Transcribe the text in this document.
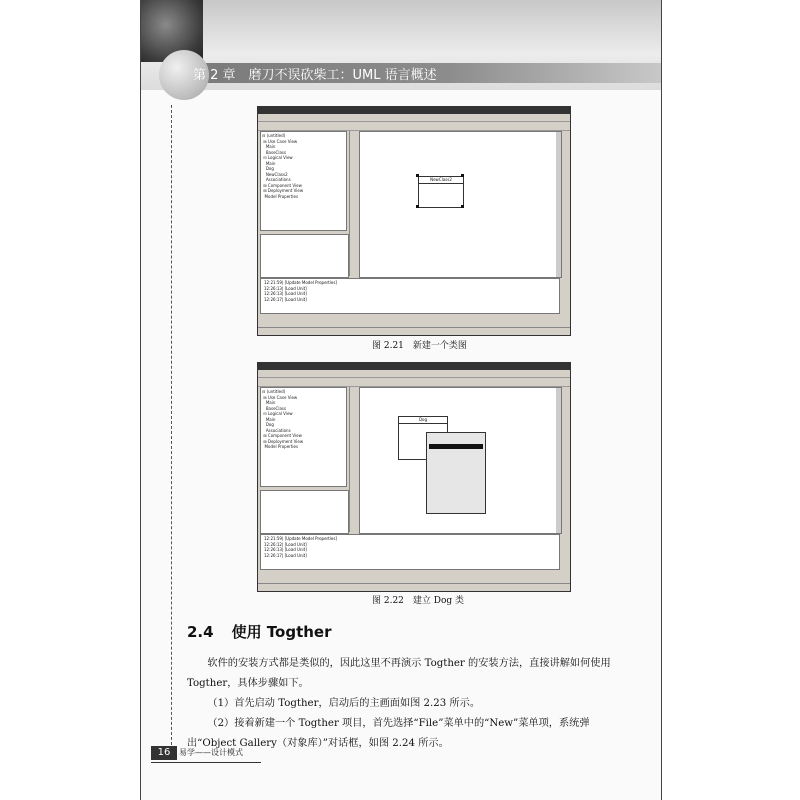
第 2 章　磨刀不误砍柴工：UML 语言概述
⊟ (untitled)
⊞ Use Case View
Main
BaseClass
⊟ Logical View
Main
Dog
NewClass2
Associations
⊞ Component View
⊞ Deployment View
Model Properties
NewClass2
12:21:59| [Update Model Properties]
12:26:13| [Load Unit]
12:26:13| [Load Unit]
12:26:17| [Load Unit]
图 2.21　新建一个类图
⊟ (untitled)
⊞ Use Case View
Main
BaseClass
⊟ Logical View
Main
Dog
Associations
⊞ Component View
⊞ Deployment View
Model Properties
Dog
12:21:59| [Update Model Properties]
12:26:12| [Load Unit]
12:26:13| [Load Unit]
12:26:17| [Load Unit]
图 2.22　建立 Dog 类
2.4 使用 Togther
软件的安装方式都是类似的，因此这里不再演示 Togther 的安装方法，直接讲解如何使用 Togther，具体步骤如下。
（1）首先启动 Togther，启动后的主画面如图 2.23 所示。
（2）接着新建一个 Togther 项目，首先选择“File”菜单中的“New”菜单项，系统弹出“Object Gallery（对象库）”对话框，如图 2.24 所示。
16	易学——设计模式
